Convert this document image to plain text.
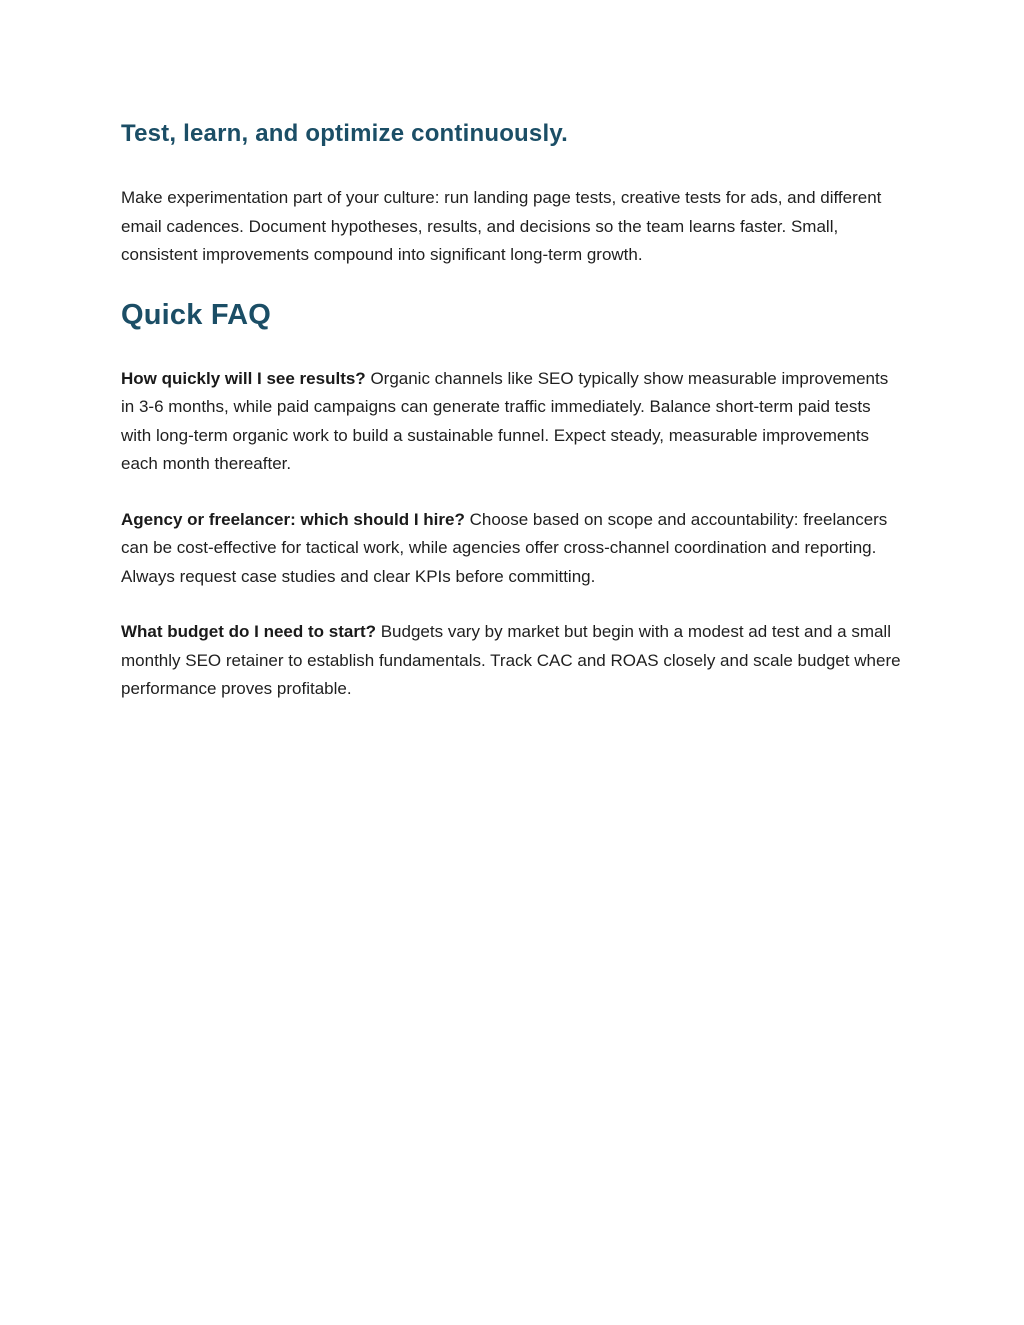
Test, learn, and optimize continuously.

Make experimentation part of your culture: run landing page tests, creative tests for ads, and different email cadences. Document hypotheses, results, and decisions so the team learns faster. Small, consistent improvements compound into significant long-term growth.

Quick FAQ

How quickly will I see results? Organic channels like SEO typically show measurable improvements in 3-6 months, while paid campaigns can generate traffic immediately. Balance short-term paid tests with long-term organic work to build a sustainable funnel. Expect steady, measurable improvements each month thereafter.

Agency or freelancer: which should I hire? Choose based on scope and accountability: freelancers can be cost-effective for tactical work, while agencies offer cross-channel coordination and reporting. Always request case studies and clear KPIs before committing.

What budget do I need to start? Budgets vary by market but begin with a modest ad test and a small monthly SEO retainer to establish fundamentals. Track CAC and ROAS closely and scale budget where performance proves profitable.
